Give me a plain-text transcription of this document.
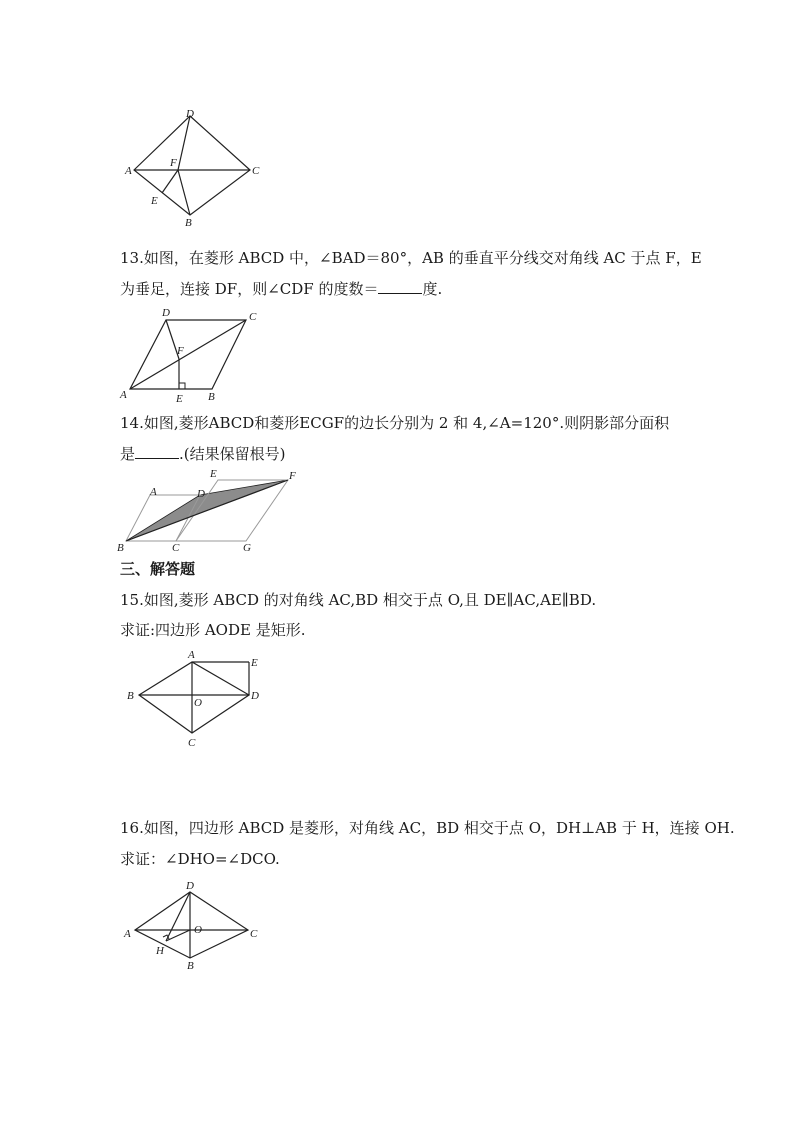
A
D
C
B
F
E
13.如图，在菱形 ABCD 中，∠BAD＝80°，AB 的垂直平分线交对角线 AC 于点 F，E
为垂足，连接 DF，则∠CDF 的度数＝	度.
A
D	C
B
E
F
14.如图,菱形ABCD和菱形ECGF的边长分别为 2 和 4,∠A=120°.则阴影部分面积
是	.(结果保留根号)
B	C	G
A	D
E	F
三、解答题
15.如图,菱形 ABCD 的对角线 AC,BD 相交于点 O,且 DE∥AC,AE∥BD.
求证:四边形 AODE 是矩形.
A
E
B	D
O
C
16.如图，四边形 ABCD 是菱形，对角线 AC，BD 相交于点 O，DH⊥AB 于 H，连接 OH.
求证：∠DHO=∠DCO.
D
A	C
O
H
B
